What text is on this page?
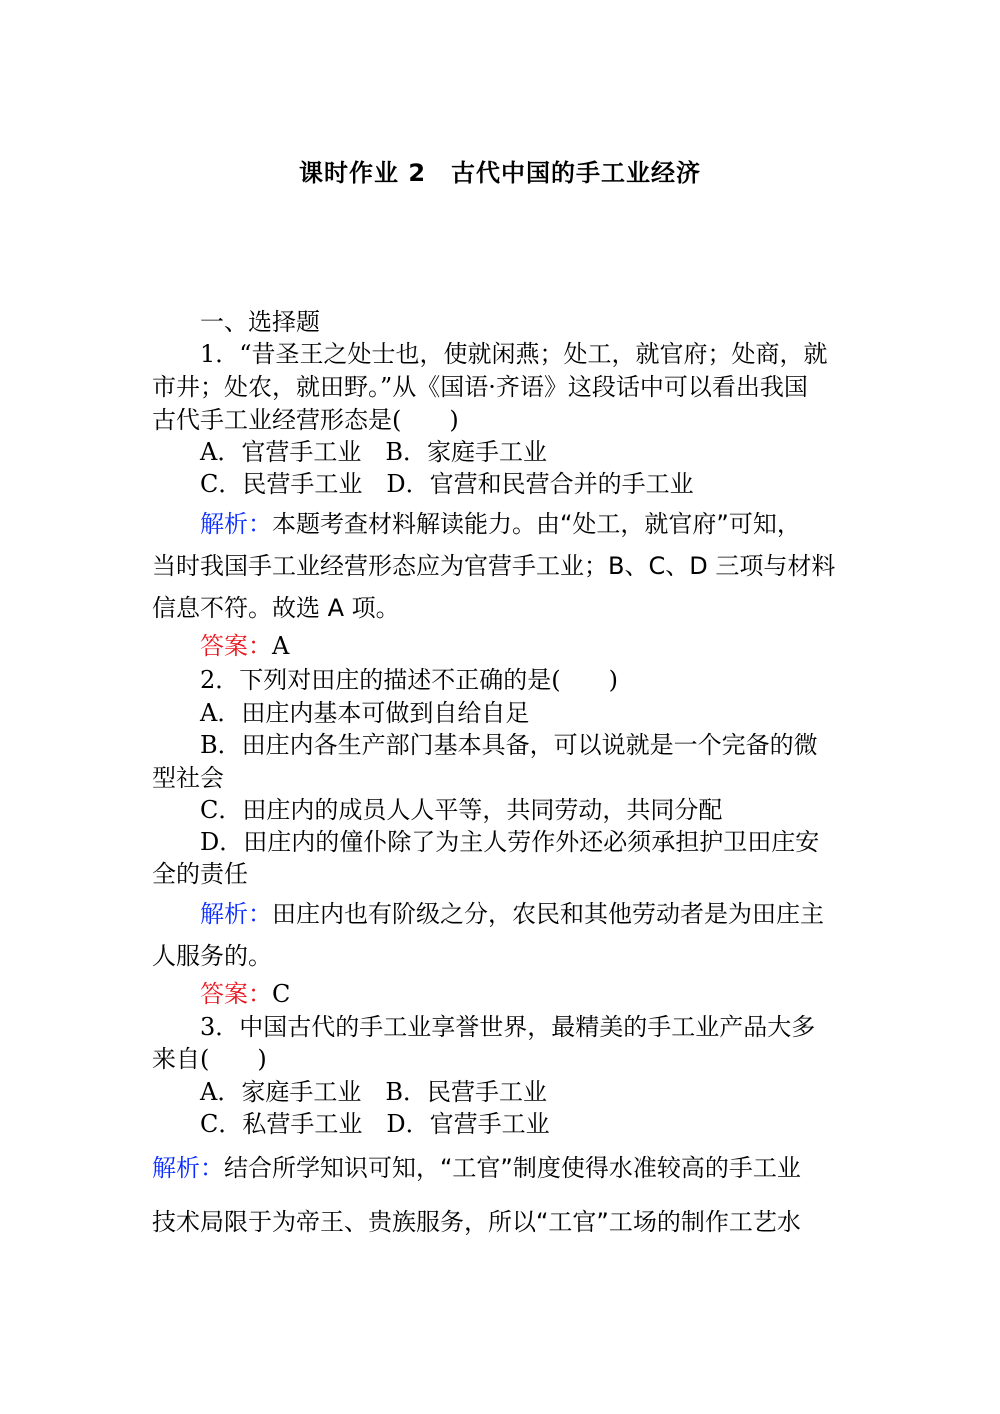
课时作业 2　古代中国的手工业经济
一、选择题
1．“昔圣王之处士也，使就闲燕；处工，就官府；处商，就
市井；处农，就田野。”从《国语·齐语》这段话中可以看出我国
古代手工业经营形态是(　　)
A．官营手工业　B．家庭手工业
C．民营手工业　D．官营和民营合并的手工业
解析：本题考查材料解读能力。由“处工，就官府”可知，
当时我国手工业经营形态应为官营手工业；B、C、D 三项与材料
信息不符。故选 A 项。
答案：A
2．下列对田庄的描述不正确的是(　　)
A．田庄内基本可做到自给自足
B．田庄内各生产部门基本具备，可以说就是一个完备的微
型社会
C．田庄内的成员人人平等，共同劳动，共同分配
D．田庄内的僮仆除了为主人劳作外还必须承担护卫田庄安
全的责任
解析：田庄内也有阶级之分，农民和其他劳动者是为田庄主
人服务的。
答案：C
3．中国古代的手工业享誉世界，最精美的手工业产品大多
来自(　　)
A．家庭手工业　B．民营手工业
C．私营手工业　D．官营手工业
解析：结合所学知识可知，“工官”制度使得水准较高的手工业
技术局限于为帝王、贵族服务，所以“工官”工场的制作工艺水
